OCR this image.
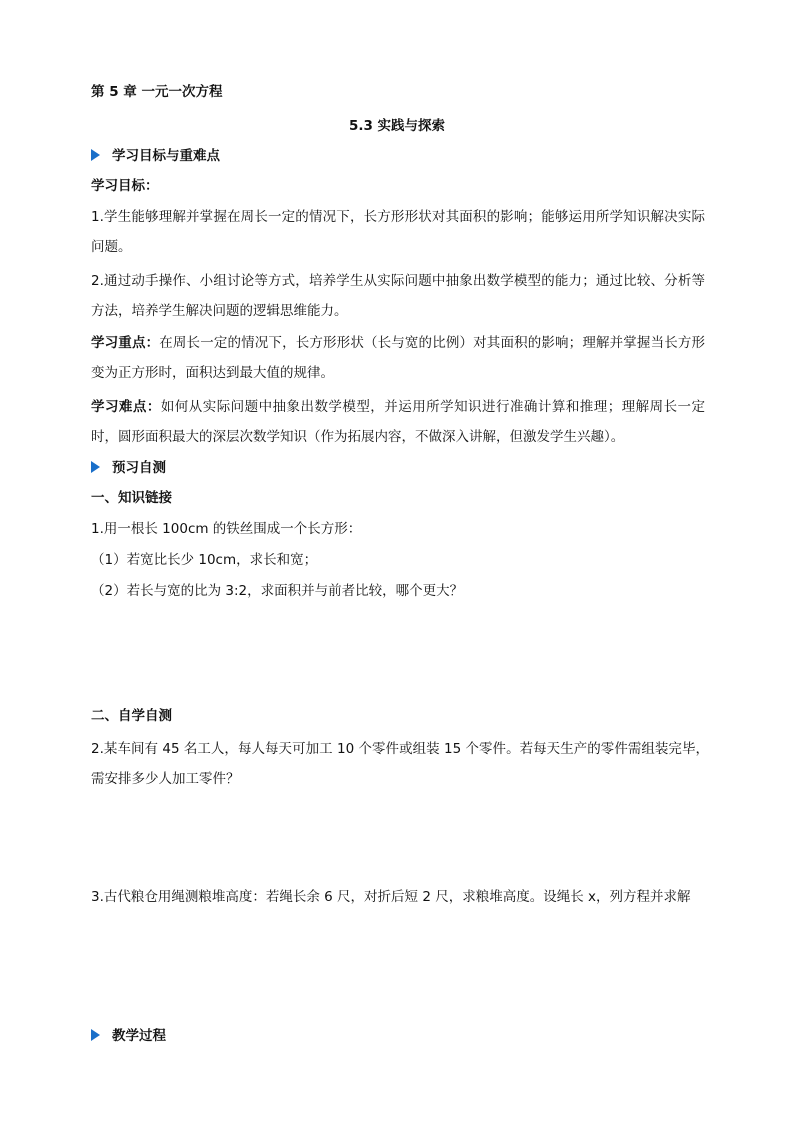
第 5 章 一元一次方程
5.3 实践与探索
学习目标与重难点
学习目标：
1.学生能够理解并掌握在周长一定的情况下，长方形形状对其面积的影响；能够运用所学知识解决实际问题。
2.通过动手操作、小组讨论等方式，培养学生从实际问题中抽象出数学模型的能力；通过比较、分析等方法，培养学生解决问题的逻辑思维能力。
学习重点：在周长一定的情况下，长方形形状（长与宽的比例）对其面积的影响；理解并掌握当长方形变为正方形时，面积达到最大值的规律。
学习难点：如何从实际问题中抽象出数学模型，并运用所学知识进行准确计算和推理；理解周长一定时，圆形面积最大的深层次数学知识（作为拓展内容，不做深入讲解，但激发学生兴趣）。
预习自测
一、知识链接
1.用一根长 100cm 的铁丝围成一个长方形：
（1）若宽比长少 10cm，求长和宽；
（2）若长与宽的比为 3:2，求面积并与前者比较，哪个更大？
二、自学自测
2.某车间有 45 名工人，每人每天可加工 10 个零件或组装 15 个零件。若每天生产的零件需组装完毕，需安排多少人加工零件？
3.古代粮仓用绳测粮堆高度：若绳长余 6 尺，对折后短 2 尺，求粮堆高度。设绳长 x，列方程并求解
教学过程
